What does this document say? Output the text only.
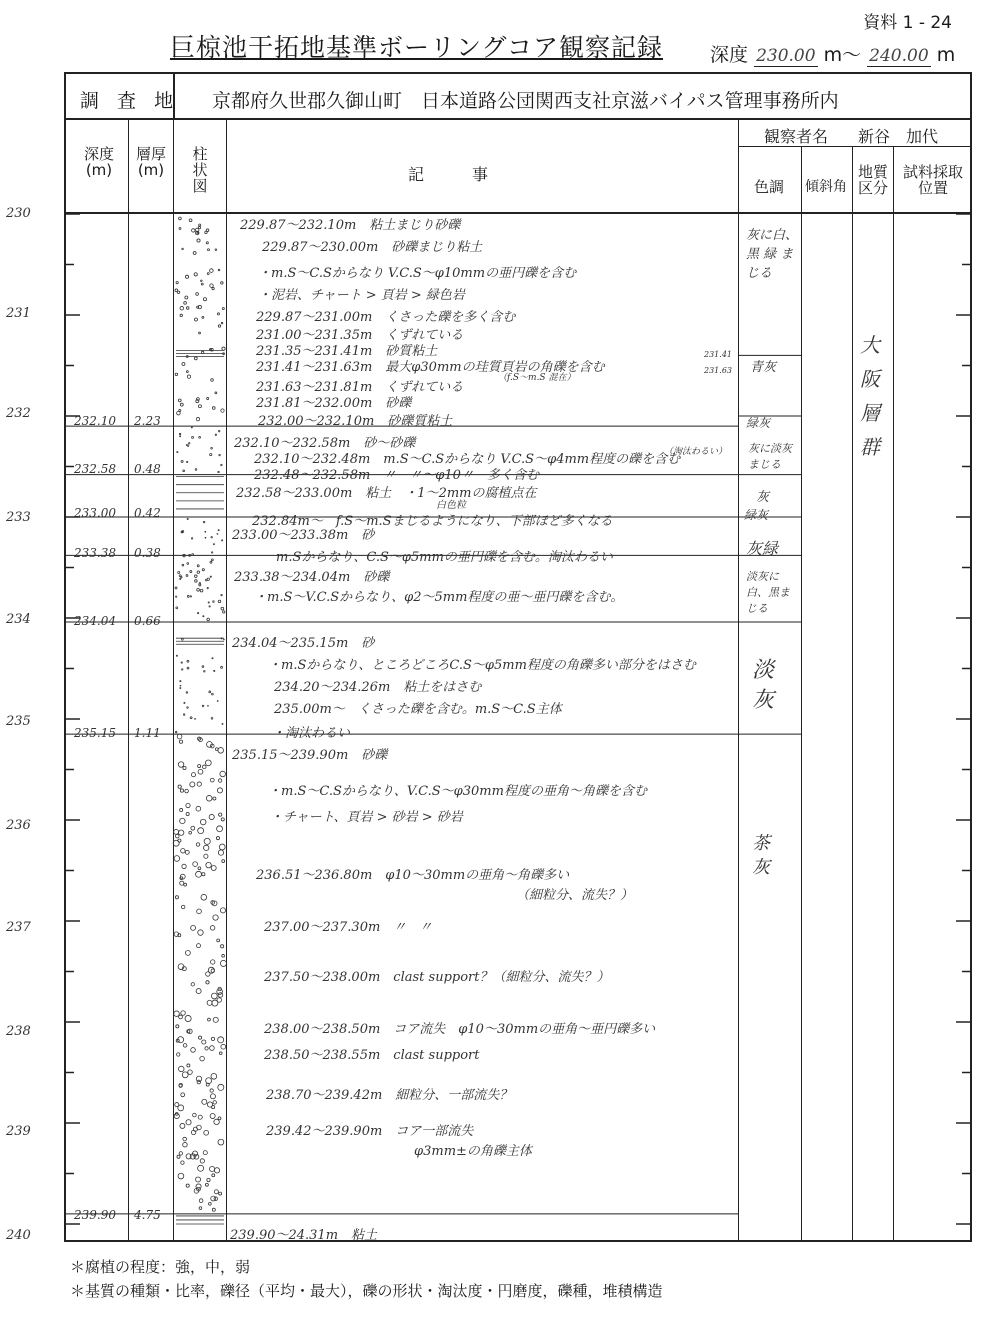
資料 1 - 24
巨椋池干拓地基準ボーリングコア観察記録 深度 230.00 m〜 240.00 m
調 査 地 京都府久世郡久御山町　日本道路公団関西支社京滋バイパス管理事務所内
観察者名 新谷　加代
深度(m)
層厚(m)
柱状図
記　　　事
色調 傾斜角
地質区分
試料採取位置
230
231
232
233
234
235
236
237
238
239
240
232.10 2.23
232.58 0.48
233.00 0.42
233.38 0.38
234.04 0.66
235.15 1.11
239.90 4.75
229.87〜232.10m　粘土まじり砂礫
229.87〜230.00m　砂礫まじり粘土
・m.S〜C.Sからなり V.C.S〜φ10mmの亜円礫を含む
・泥岩、チャート > 頁岩 > 緑色岩
229.87〜231.00m　くさった礫を多く含む
231.00〜231.35m　くずれている
231.35〜231.41m　砂質粘土
231.41〜231.63m　最大φ30mmの珪質頁岩の角礫を含む
231.63〜231.81m　くずれている
231.81〜232.00m　砂礫
232.00〜232.10m　砂礫質粘土
232.10〜232.58m　砂〜砂礫
232.10〜232.48m　m.S〜C.Sからなり V.C.S〜φ4mm程度の礫を含む
232.48〜232.58m　〃　〃〜φ10〃　多く含む
232.58〜233.00m　粘土　・1〜2mmの腐植点在
232.84m〜　f.S〜m.Sまじるようになり、下部ほど多くなる
233.00〜233.38m　砂
m.Sからなり、C.S〜φ5mmの亜円礫を含む。淘汰わるい
233.38〜234.04m　砂礫
・m.S〜V.C.Sからなり、φ2〜5mm程度の亜〜亜円礫を含む。
234.04〜235.15m　砂
・m.Sからなり、ところどころC.S〜φ5mm程度の角礫多い部分をはさむ
234.20〜234.26m　粘土をはさむ
235.00m〜　くさった礫を含む。m.S〜C.S主体
・淘汰わるい
235.15〜239.90m　砂礫
・m.S〜C.Sからなり、V.C.S〜φ30mm程度の亜角〜角礫を含む
・チャート、頁岩 > 砂岩 > 砂岩
236.51〜236.80m　φ10〜30mmの亜角〜角礫多い
（細粒分、流失？）
237.00〜237.30m　〃　〃
237.50〜238.00m　clast support？（細粒分、流失？）
238.00〜238.50m　コア流失　φ10〜30mmの亜角〜亜円礫多い
238.50〜238.55m　clast support
238.70〜239.42m　細粒分、一部流失？
239.42〜239.90m　コア一部流失
φ3mm±の角礫主体
239.90〜24.31m　粘土
231.41
231.63
（f.S〜m.S 混在）
（淘汰わるい）
白色粒
灰に白、黒 緑 まじる
青灰
緑灰
灰に淡灰まじる
灰
緑灰
灰緑
淡灰に白、黒まじる
淡灰
茶灰
大阪層群
＊腐植の程度：強，中，弱
＊基質の種類・比率，礫径（平均・最大），礫の形状・淘汰度・円磨度，礫種，堆積構造
